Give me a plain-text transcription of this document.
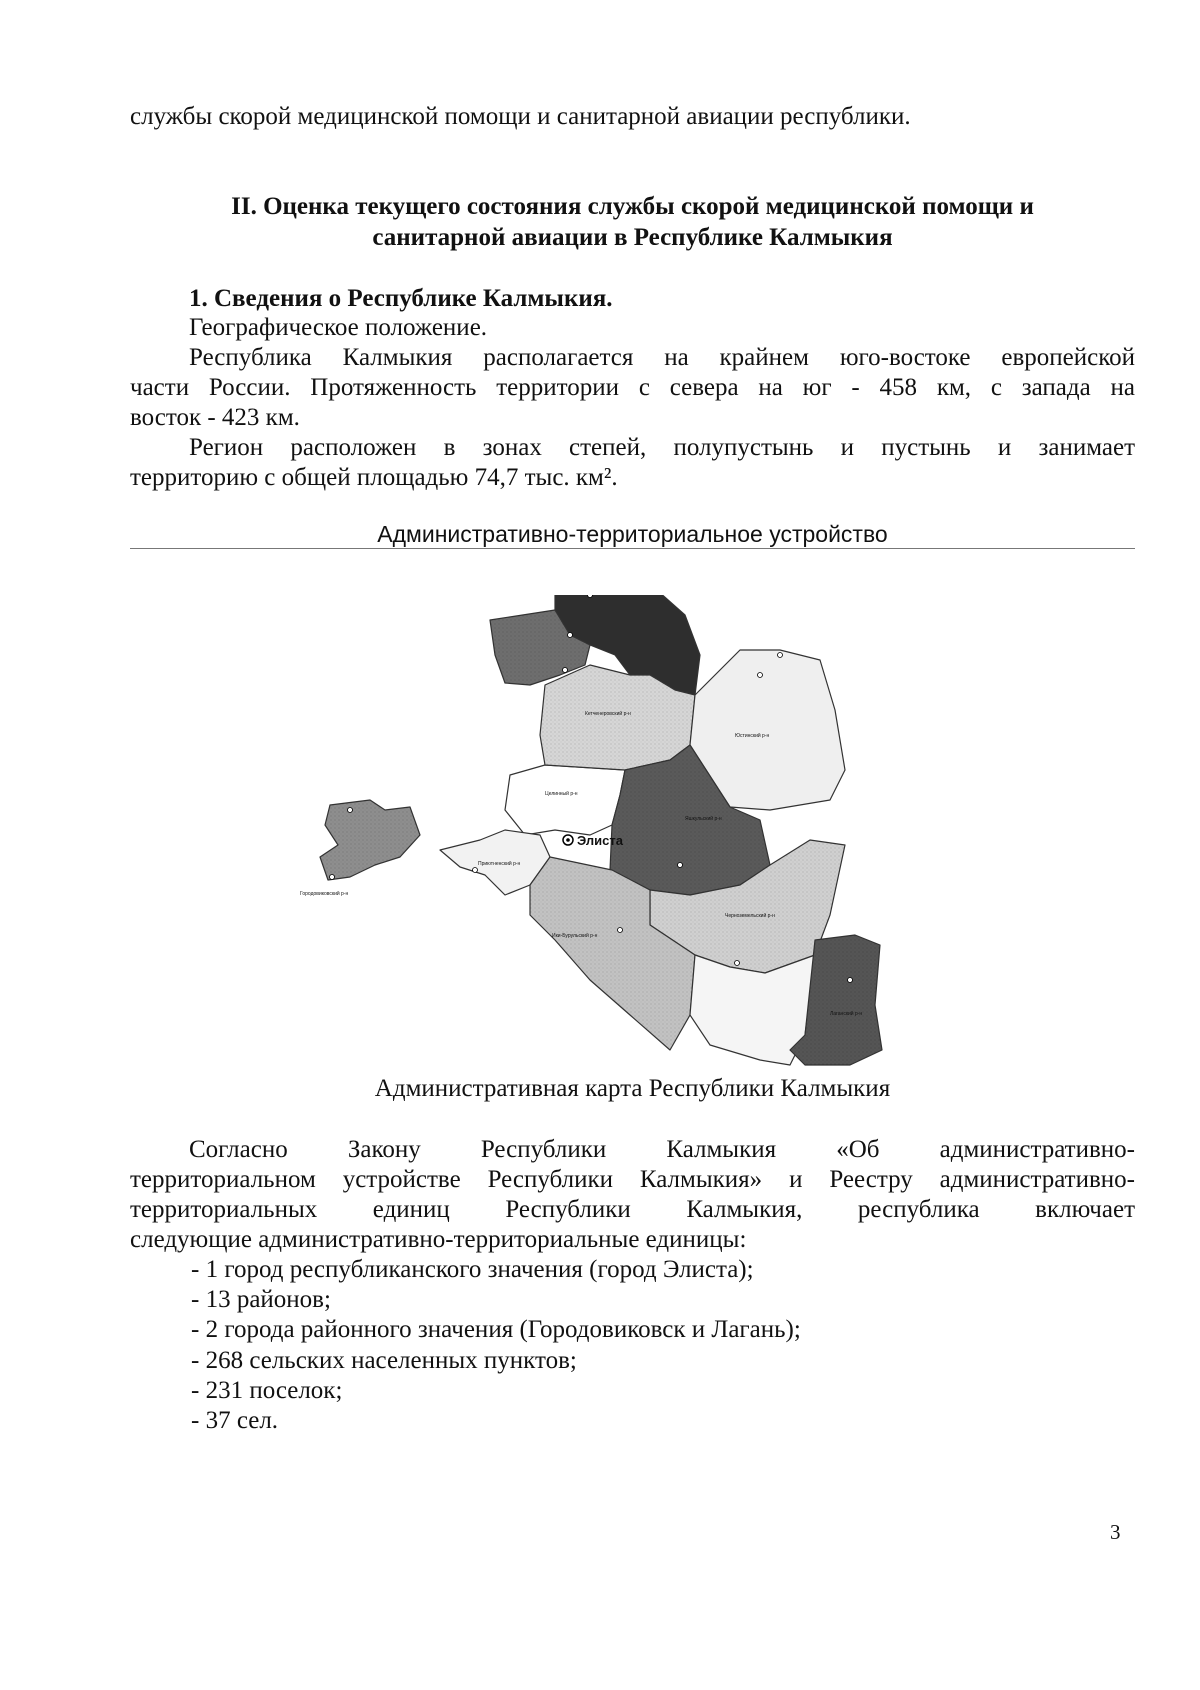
службы скорой медицинской помощи и санитарной авиации республики.
II. Оценка текущего состояния службы скорой медицинской помощи и
санитарной авиации в Республике Калмыкия
1. Сведения о Республике Калмыкия.
Географическое положение.
Республика Калмыкия располагается на крайнем юго-востоке европейской
части России. Протяженность территории с севера на юг - 458 км, с запада на
восток - 423 км.
Регион расположен в зонах степей, полупустынь и пустынь и занимает
территорию с общей площадью 74,7 тыс. км².
Административно-территориальное устройство
Элиста
Кетченеровский р-н
Юстинский р-н
Целинный р-н
Яшкульский р-н
Приютненский р-н
Городовиковский р-н
Ики-Бурульский р-н
Черноземельский р-н
Лаганский р-н
Административная карта Республики Калмыкия
Согласно Закону Республики Калмыкия «Об административно-
территориальном устройстве Республики Калмыкия» и Реестру административно-
территориальных единиц Республики Калмыкия, республика включает
следующие административно-территориальные единицы:
- 1 город республиканского значения (город Элиста);
- 13 районов;
- 2 города районного значения (Городовиковск и Лагань);
- 268 сельских населенных пунктов;
- 231 поселок;
- 37 сел.
3
